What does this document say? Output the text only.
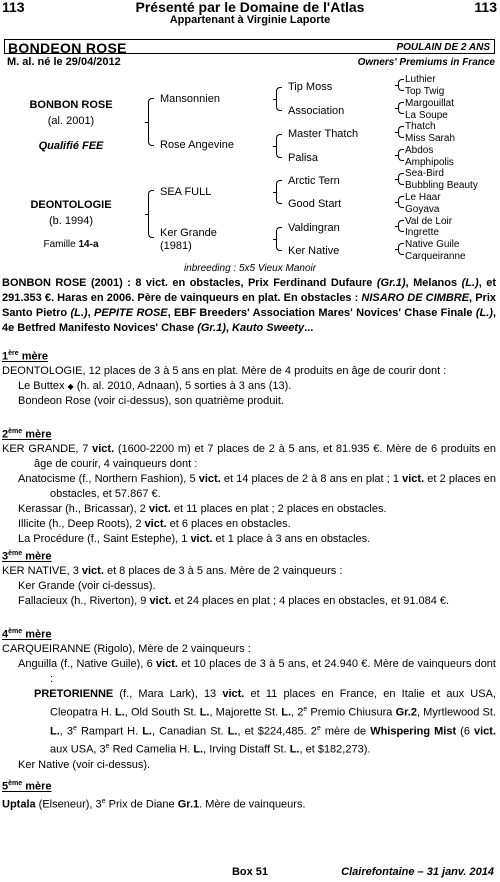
113	Présenté par le Domaine de l'Atlas	113
Appartenant à Virginie Laporte
BONDEON ROSE	POULAIN DE 2 ANS
M. al. né le 29/04/2012	Owners' Premiums in France
BONBON ROSE
(al. 2001)
Qualifié FEE
DEONTOLOGIE
(b. 1994)
Famille 14-a
Mansonnien
Rose Angevine
SEA FULL
Ker Grande
(1981)
Tip Moss
Association
Master Thatch
Palisa
Arctic Tern
Good Start
Valdingran
Ker Native
Luthier
Top Twig
Margouillat
La Soupe
Thatch
Miss Sarah
Abdos
Amphipolis
Sea-Bird
Bubbling Beauty
Le Haar
Goyava
Val de Loir
Ingrette
Native Guile
Carqueiranne
inbreeding : 5x5 Vieux Manoir
BONBON ROSE (2001) : 8 vict. en obstacles, Prix Ferdinand Dufaure (Gr.1), Melanos (L.), et 291.353 €. Haras en 2006. Père de vainqueurs en plat. En obstacles : NISARO DE CIMBRE, Prix Santo Pietro (L.), PEPITE ROSE, EBF Breeders' Association Mares' Novices' Chase Finale (L.), 4e Betfred Manifesto Novices' Chase (Gr.1), Kauto Sweety...
1ère mère
DEONTOLOGIE, 12 places de 3 à 5 ans en plat. Mère de 4 produits en âge de courir dont :
Le Buttex ◆ (h. al. 2010, Adnaan), 5 sorties à 3 ans (13).
Bondeon Rose (voir ci-dessus), son quatrième produit.
2ème mère
KER GRANDE, 7 vict. (1600-2200 m) et 7 places de 2 à 5 ans, et 81.935 €. Mère de 6 produits en âge de courir, 4 vainqueurs dont :
Anatocisme (f., Northern Fashion), 5 vict. et 14 places de 2 à 8 ans en plat ; 1 vict. et 2 places en obstacles, et 57.867 €.
Kerassar (h., Bricassar), 2 vict. et 11 places en plat ; 2 places en obstacles.
Illicite (h., Deep Roots), 2 vict. et 6 places en obstacles.
La Procédure (f., Saint Estephe), 1 vict. et 1 place à 3 ans en obstacles.
3ème mère
KER NATIVE, 3 vict. et 8 places de 3 à 5 ans. Mère de 2 vainqueurs :
Ker Grande (voir ci-dessus).
Fallacieux (h., Riverton), 9 vict. et 24 places en plat ; 4 places en obstacles, et 91.084 €.
4ème mère
CARQUEIRANNE (Rigolo), Mère de 2 vainqueurs :
Anguilla (f., Native Guile), 6 vict. et 10 places de 3 à 5 ans, et 24.940 €. Mère de vainqueurs dont :
PRETORIENNE (f., Mara Lark), 13 vict. et 11 places en France, en Italie et aux USA, Cleopatra H. L., Old South St. L., Majorette St. L., 2e Premio Chiusura Gr.2, Myrtlewood St. L., 3e Rampart H. L., Canadian St. L., et $224,485. 2e mère de Whispering Mist (6 vict. aux USA, 3e Red Camelia H. L., Irving Distaff St. L., et $182,273).
Ker Native (voir ci-dessus).
5ème mère
Uptala (Elseneur), 3e Prix de Diane Gr.1. Mère de vainqueurs.
Box 51	Clairefontaine – 31 janv. 2014
